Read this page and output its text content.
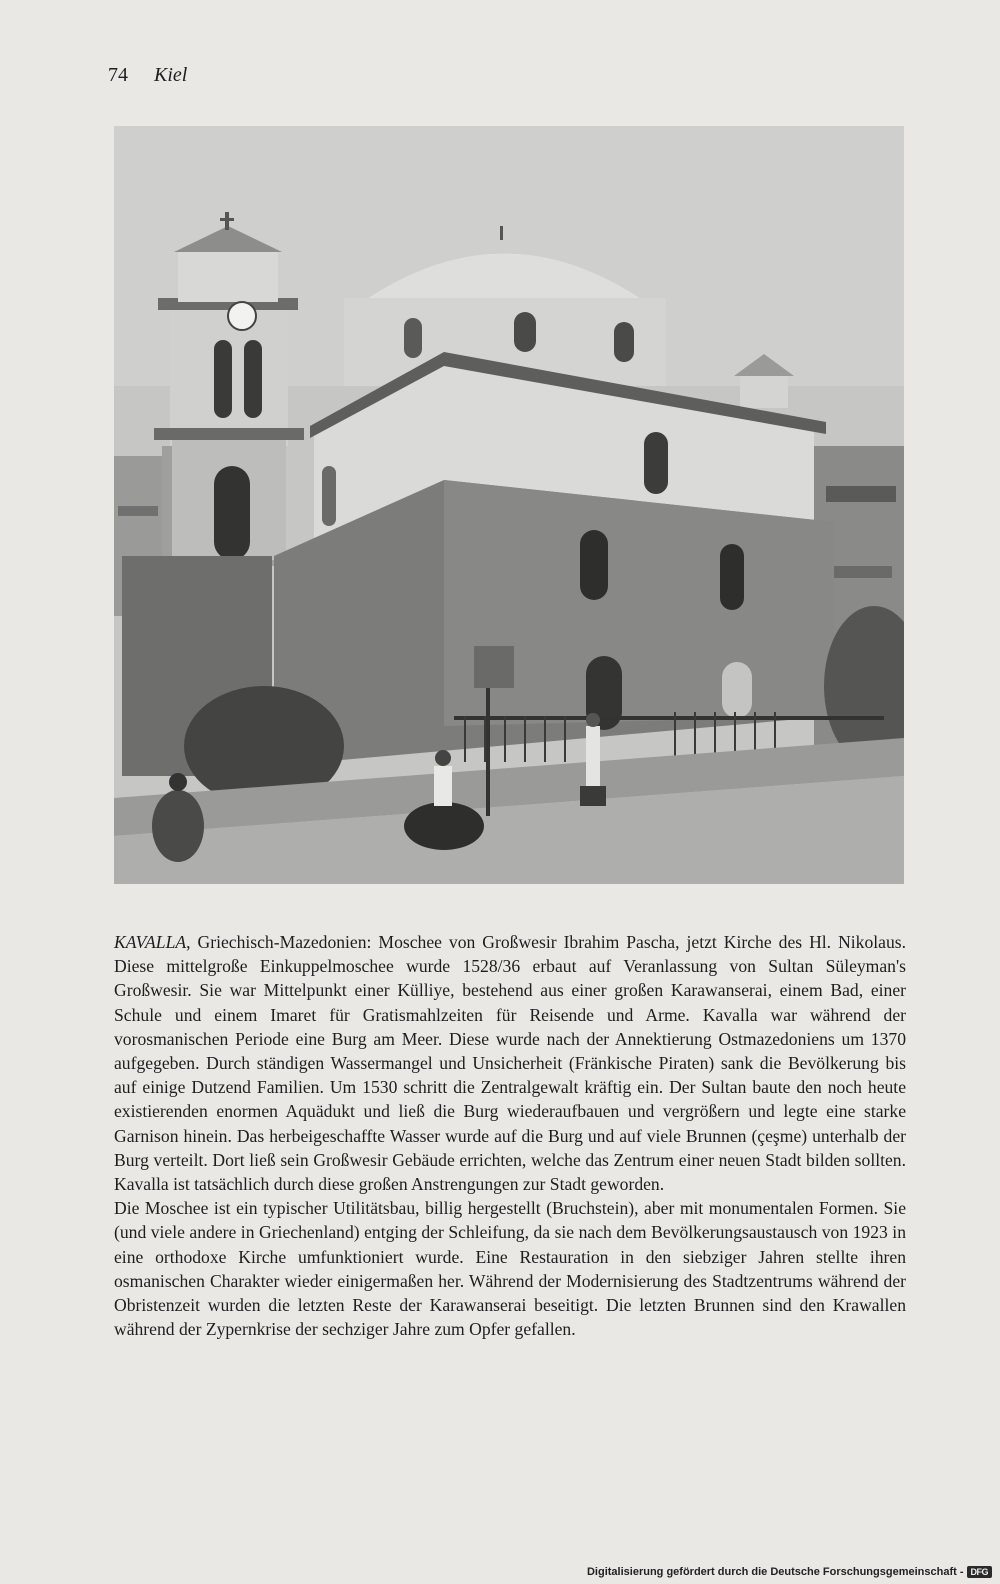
74 Kiel

KAVALLA, Griechisch-Mazedonien: Moschee von Großwesir Ibrahim Pascha, jetzt Kirche des Hl. Nikolaus. Diese mittelgroße Einkuppelmoschee wurde 1528/36 erbaut auf Veranlassung von Sultan Süleyman's Großwesir. Sie war Mittelpunkt einer Külliye, bestehend aus einer großen Karawanserai, einem Bad, einer Schule und einem Imaret für Gratismahlzeiten für Reisende und Arme. Kavalla war während der vorosmanischen Periode eine Burg am Meer. Diese wurde nach der Annektierung Ostmazedoniens um 1370 aufgegeben. Durch ständigen Wassermangel und Unsicherheit (Fränkische Piraten) sank die Bevölkerung bis auf einige Dutzend Familien. Um 1530 schritt die Zentralgewalt kräftig ein. Der Sultan baute den noch heute existierenden enormen Aquädukt und ließ die Burg wiederaufbauen und vergrößern und legte eine starke Garnison hinein. Das herbeigeschaffte Wasser wurde auf die Burg und auf viele Brunnen (çeşme) unterhalb der Burg verteilt. Dort ließ sein Großwesir Gebäude errichten, welche das Zentrum einer neuen Stadt bilden sollten. Kavalla ist tatsächlich durch diese großen Anstrengungen zur Stadt geworden.

Die Moschee ist ein typischer Utilitätsbau, billig hergestellt (Bruchstein), aber mit monumentalen Formen. Sie (und viele andere in Griechenland) entging der Schleifung, da sie nach dem Bevölkerungsaustausch von 1923 in eine orthodoxe Kirche umfunktioniert wurde. Eine Restauration in den siebziger Jahren stellte ihren osmanischen Charakter wieder einigermaßen her. Während der Modernisierung des Stadtzentrums während der Obristenzeit wurden die letzten Reste der Karawanserai beseitigt. Die letzten Brunnen sind den Krawallen während der Zypernkrise der sechziger Jahre zum Opfer gefallen.

Digitalisierung gefördert durch die Deutsche Forschungsgemeinschaft - DFG
